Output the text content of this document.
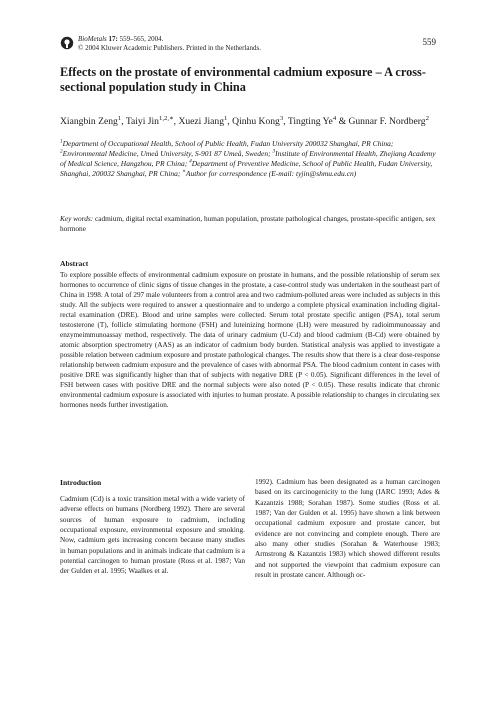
BioMetals 17: 559–565, 2004.
© 2004 Kluwer Academic Publishers. Printed in the Netherlands.
559
Effects on the prostate of environmental cadmium exposure – A cross-sectional population study in China
Xiangbin Zeng$^1$, Taiyi Jin$^{1,2,∗}$, Xuezi Jiang$^1$, Qinhu Kong$^3$, Tingting Ye$^4$ & Gunnar F. Nordberg$^2$
$^1$Department of Occupational Health, School of Public Health, Fudan University 200032 Shanghai, PR China; $^2$Environmental Medicine, Umeå University, S-901 87 Umeå, Sweden; $^3$Institute of Environmental Health, Zhejiang Academy of Medical Science, Hangzhou, PR China; $^4$Department of Preventive Medicine, School of Public Health, Fudan University, Shanghai, 200032 Shanghai, PR China; ∗Author for correspondence (E-mail: tyjin@shmu.edu.cn)
Key words: cadmium, digital rectal examination, human population, prostate pathological changes, prostate-specific antigen, sex hormone
Abstract

To explore possible effects of environmental cadmium exposure on prostate in humans, and the possible relationship of serum sex hormones to occurrence of clinic signs of tissue changes in the prostate, a case-control study was undertaken in the southeast part of China in 1998. A total of 297 male volunteers from a control area and two cadmium-polluted areas were included as subjects in this study. All the subjects were required to answer a questionnaire and to undergo a complete physical examination including digital-rectal examination (DRE). Blood and urine samples were collected. Serum total prostate specific antigen (PSA), total serum testosterone (T), follicle stimulating hormone (FSH) and luteinizing hormone (LH) were measured by radioimmunoassay and enzymeimmunoassay method, respectively. The data of urinary cadmium (U-Cd) and blood cadmium (B-Cd) were obtained by atomic absorption spectrometry (AAS) as an indicator of cadmium body burden. Statistical analysis was applied to investigate a possible relation between cadmium exposure and prostate pathological changes. The results show that there is a clear dose-response relationship between cadmium exposure and the prevalence of cases with abnormal PSA. The blood cadmium content in cases with positive DRE was significantly higher than that of subjects with negative DRE (P < 0.05). Significant differences in the level of FSH between cases with positive DRE and the normal subjects were also noted (P < 0.05). These results indicate that chronic environmental cadmium exposure is associated with injuries to human prostate. A possible relationship to changes in circulating sex hormones needs further investigation.

Introduction

Cadmium (Cd) is a toxic transition metal with a wide variety of adverse effects on humans (Nordberg 1992). There are several sources of human exposure to cadmium, including occupational exposure, environmental exposure and smoking. Now, cadmium gets increasing concern because many studies in human populations and in animals indicate that cadmium is a potential carcinogen to human prostate (Ross et al. 1987; Van der Gulden et al. 1995; Waalkes et al.

1992). Cadmium has been designated as a human carcinogen based on its carcinogenicity to the lung (IARC 1993; Ades & Kazantzis 1988; Sorahan 1987). Some studies (Ross et al. 1987; Van der Gulden et al. 1995) have shown a link between occupational cadmium exposure and prostate cancer, but evidence are not convincing and complete enough. There are also many other studies (Sorahan & Waterhouse 1983; Armstrong & Kazantzis 1983) which showed different results and not supported the viewpoint that cadmium exposure can result in prostate cancer. Although oc-
